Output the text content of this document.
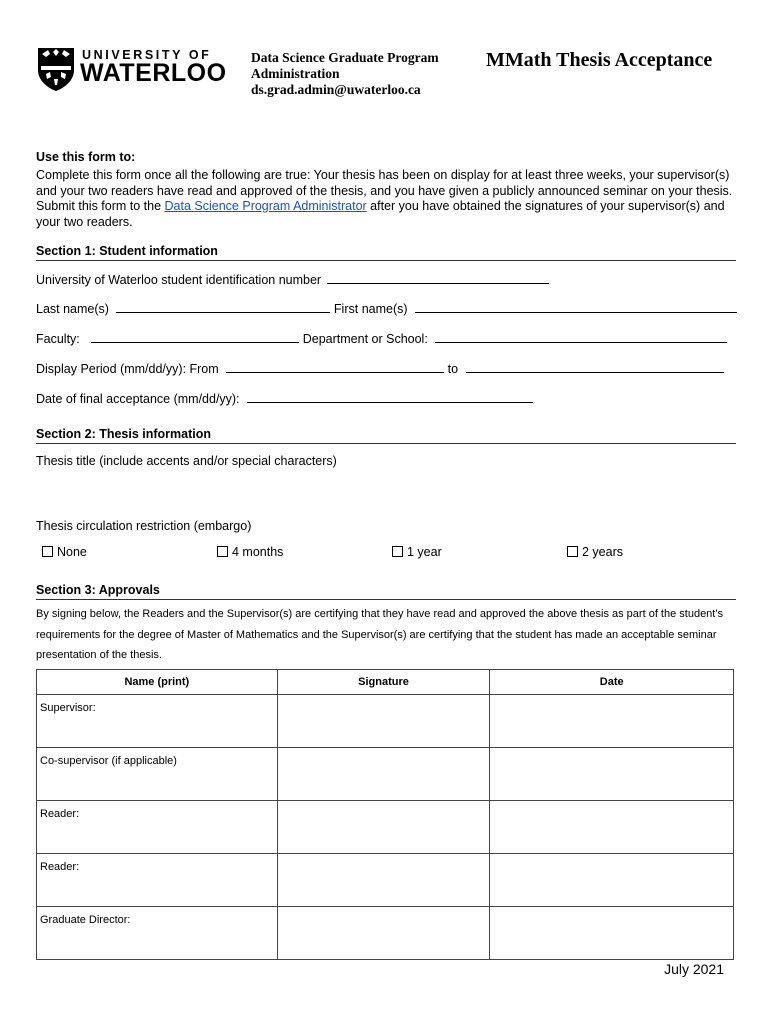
UNIVERSITY OF
WATERLOO
Data Science Graduate Program
Administration
ds.grad.admin@uwaterloo.ca
MMath Thesis Acceptance
Use this form to:
Complete this form once all the following are true: Your thesis has been on display for at least three weeks, your supervisor(s) and your two readers have read and approved of the thesis, and you have given a publicly announced seminar on your thesis. Submit this form to the Data Science Program Administrator after you have obtained the signatures of your supervisor(s) and your two readers.
Section 1: Student information
University of Waterloo student identification number
Last name(s)	First name(s)
Faculty:	Department or School:
Display Period (mm/dd/yy): From	to
Date of final acceptance (mm/dd/yy):
Section 2: Thesis information
Thesis title (include accents and/or special characters)
Thesis circulation restriction (embargo)
None	4 months	1 year	2 years
Section 3: Approvals
By signing below, the Readers and the Supervisor(s) are certifying that they have read and approved the above thesis as part of the student's requirements for the degree of Master of Mathematics and the Supervisor(s) are certifying that the student has made an acceptable seminar presentation of the thesis.
Name (print)	Signature	Date
Supervisor:		
Co-supervisor (if applicable)		
Reader:		
Reader:		
Graduate Director:		
July 2021
